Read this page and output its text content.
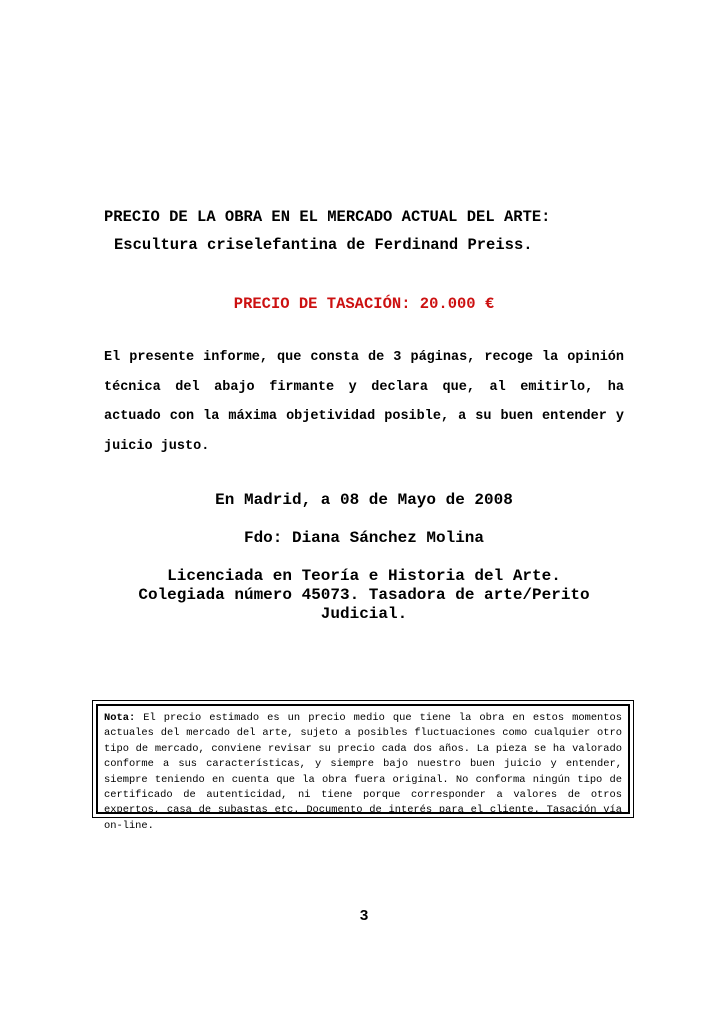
PRECIO DE LA OBRA EN EL MERCADO ACTUAL DEL ARTE:
Escultura criselefantina de Ferdinand Preiss.
PRECIO DE TASACIÓN: 20.000 €
El presente informe, que consta de 3 páginas, recoge la opinión técnica del abajo firmante y declara que, al emitirlo, ha actuado con la máxima objetividad posible, a su buen entender y juicio justo.
En Madrid, a 08 de Mayo de 2008
Fdo: Diana Sánchez Molina
Licenciada en Teoría e Historia del Arte.
Colegiada número 45073. Tasadora de arte/Perito
Judicial.
Nota: El precio estimado es un precio medio que tiene la obra en estos momentos actuales del mercado del arte, sujeto a posibles fluctuaciones como cualquier otro tipo de mercado, conviene revisar su precio cada dos años. La pieza se ha valorado conforme a sus características, y siempre bajo nuestro buen juicio y entender, siempre teniendo en cuenta que la obra fuera original. No conforma ningún tipo de certificado de autenticidad, ni tiene porque corresponder a valores de otros expertos, casa de subastas etc. Documento de interés para el cliente. Tasación vía on-line.
3
